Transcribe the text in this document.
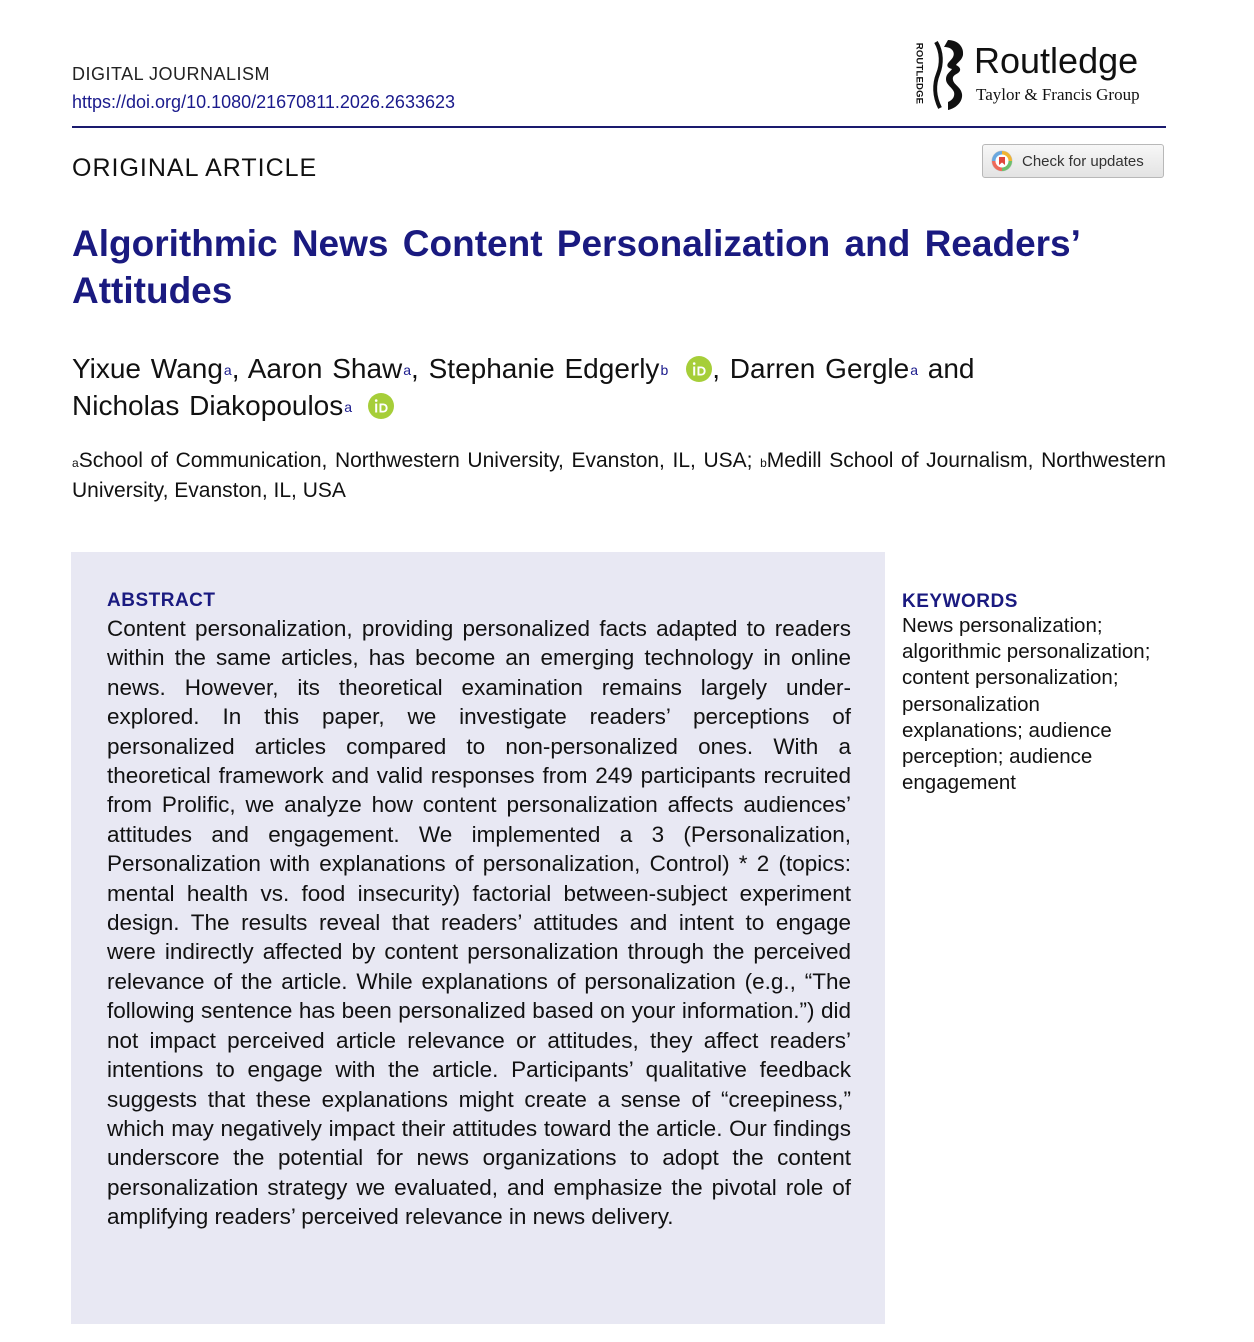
DIGITAL JOURNALISM
https://doi.org/10.1080/21670811.2026.2633623	ROUTLEDGE Routledge
Taylor & Francis Group
ORIGINAL ARTICLE	Check for updates
Algorithmic News Content Personalization and Readers’
Attitudes
Yixue Wang$^a$, Aaron Shaw$^a$, Stephanie Edgerly$^b$ , Darren Gergle$^a$ and
Nicholas Diakopoulos$^a$
$^a$School of Communication, Northwestern University, Evanston, IL, USA; $^b$Medill School of Journalism, Northwestern University, Evanston, IL, USA
ABSTRACT

Content personalization, providing personalized facts adapted to readers within the same articles, has become an emerging technology in online news. However, its theoretical examination remains largely under-explored. In this paper, we investigate readers’ perceptions of personalized articles compared to non-personalized ones. With a theoretical framework and valid responses from 249 participants recruited from Prolific, we analyze how content personalization affects audiences’ attitudes and engagement. We implemented a 3 (Personalization, Personalization with explanations of personalization, Control) * 2 (topics: mental health vs. food insecurity) factorial between-subject experiment design. The results reveal that readers’ attitudes and intent to engage were indirectly affected by content personalization through the perceived relevance of the article. While explanations of personalization (e.g., “The following sentence has been personalized based on your information.”) did not impact perceived article relevance or attitudes, they affect readers’ intentions to engage with the article. Participants’ qualitative feedback suggests that these explanations might create a sense of “creepiness,” which may negatively impact their attitudes toward the article. Our findings underscore the potential for news organizations to adopt the content personalization strategy we evaluated, and emphasize the pivotal role of amplifying readers’ perceived relevance in news delivery.

KEYWORDS

News personalization; algorithmic personalization; content personalization; personalization explanations; audience perception; audience engagement
